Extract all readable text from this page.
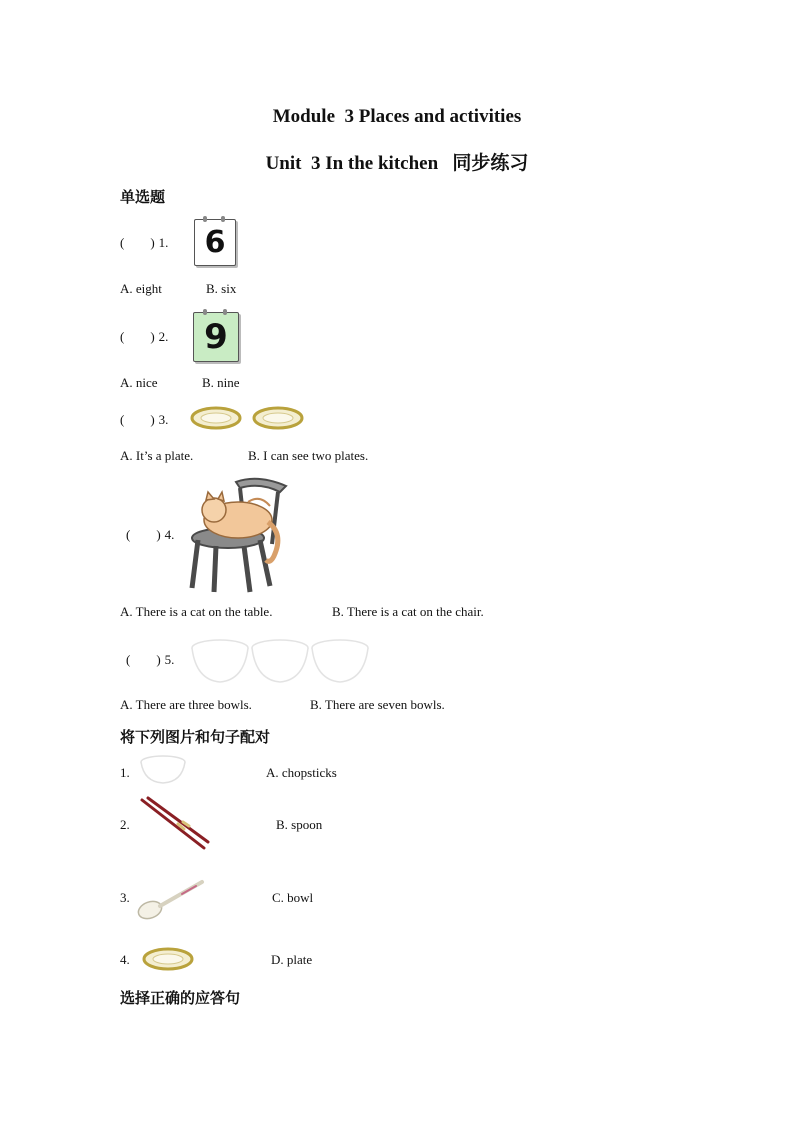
Module  3 Places and activities
Unit  3 In the kitchen   同步练习
单选题
(        ) 1. 6
A. eight	B. six
(        ) 2. 9
A. nice	B. nine
(        ) 3.
A. It’s a plate.	B. I can see two plates.
(        ) 4.
A. There is a cat on the table.	B. There is a cat on the chair.
(        ) 5.
A. There are three bowls.	B. There are seven bowls.
将下列图片和句子配对
1.	A. chopsticks
2.	B. spoon
3.	C. bowl
4.	D. plate
选择正确的应答句
